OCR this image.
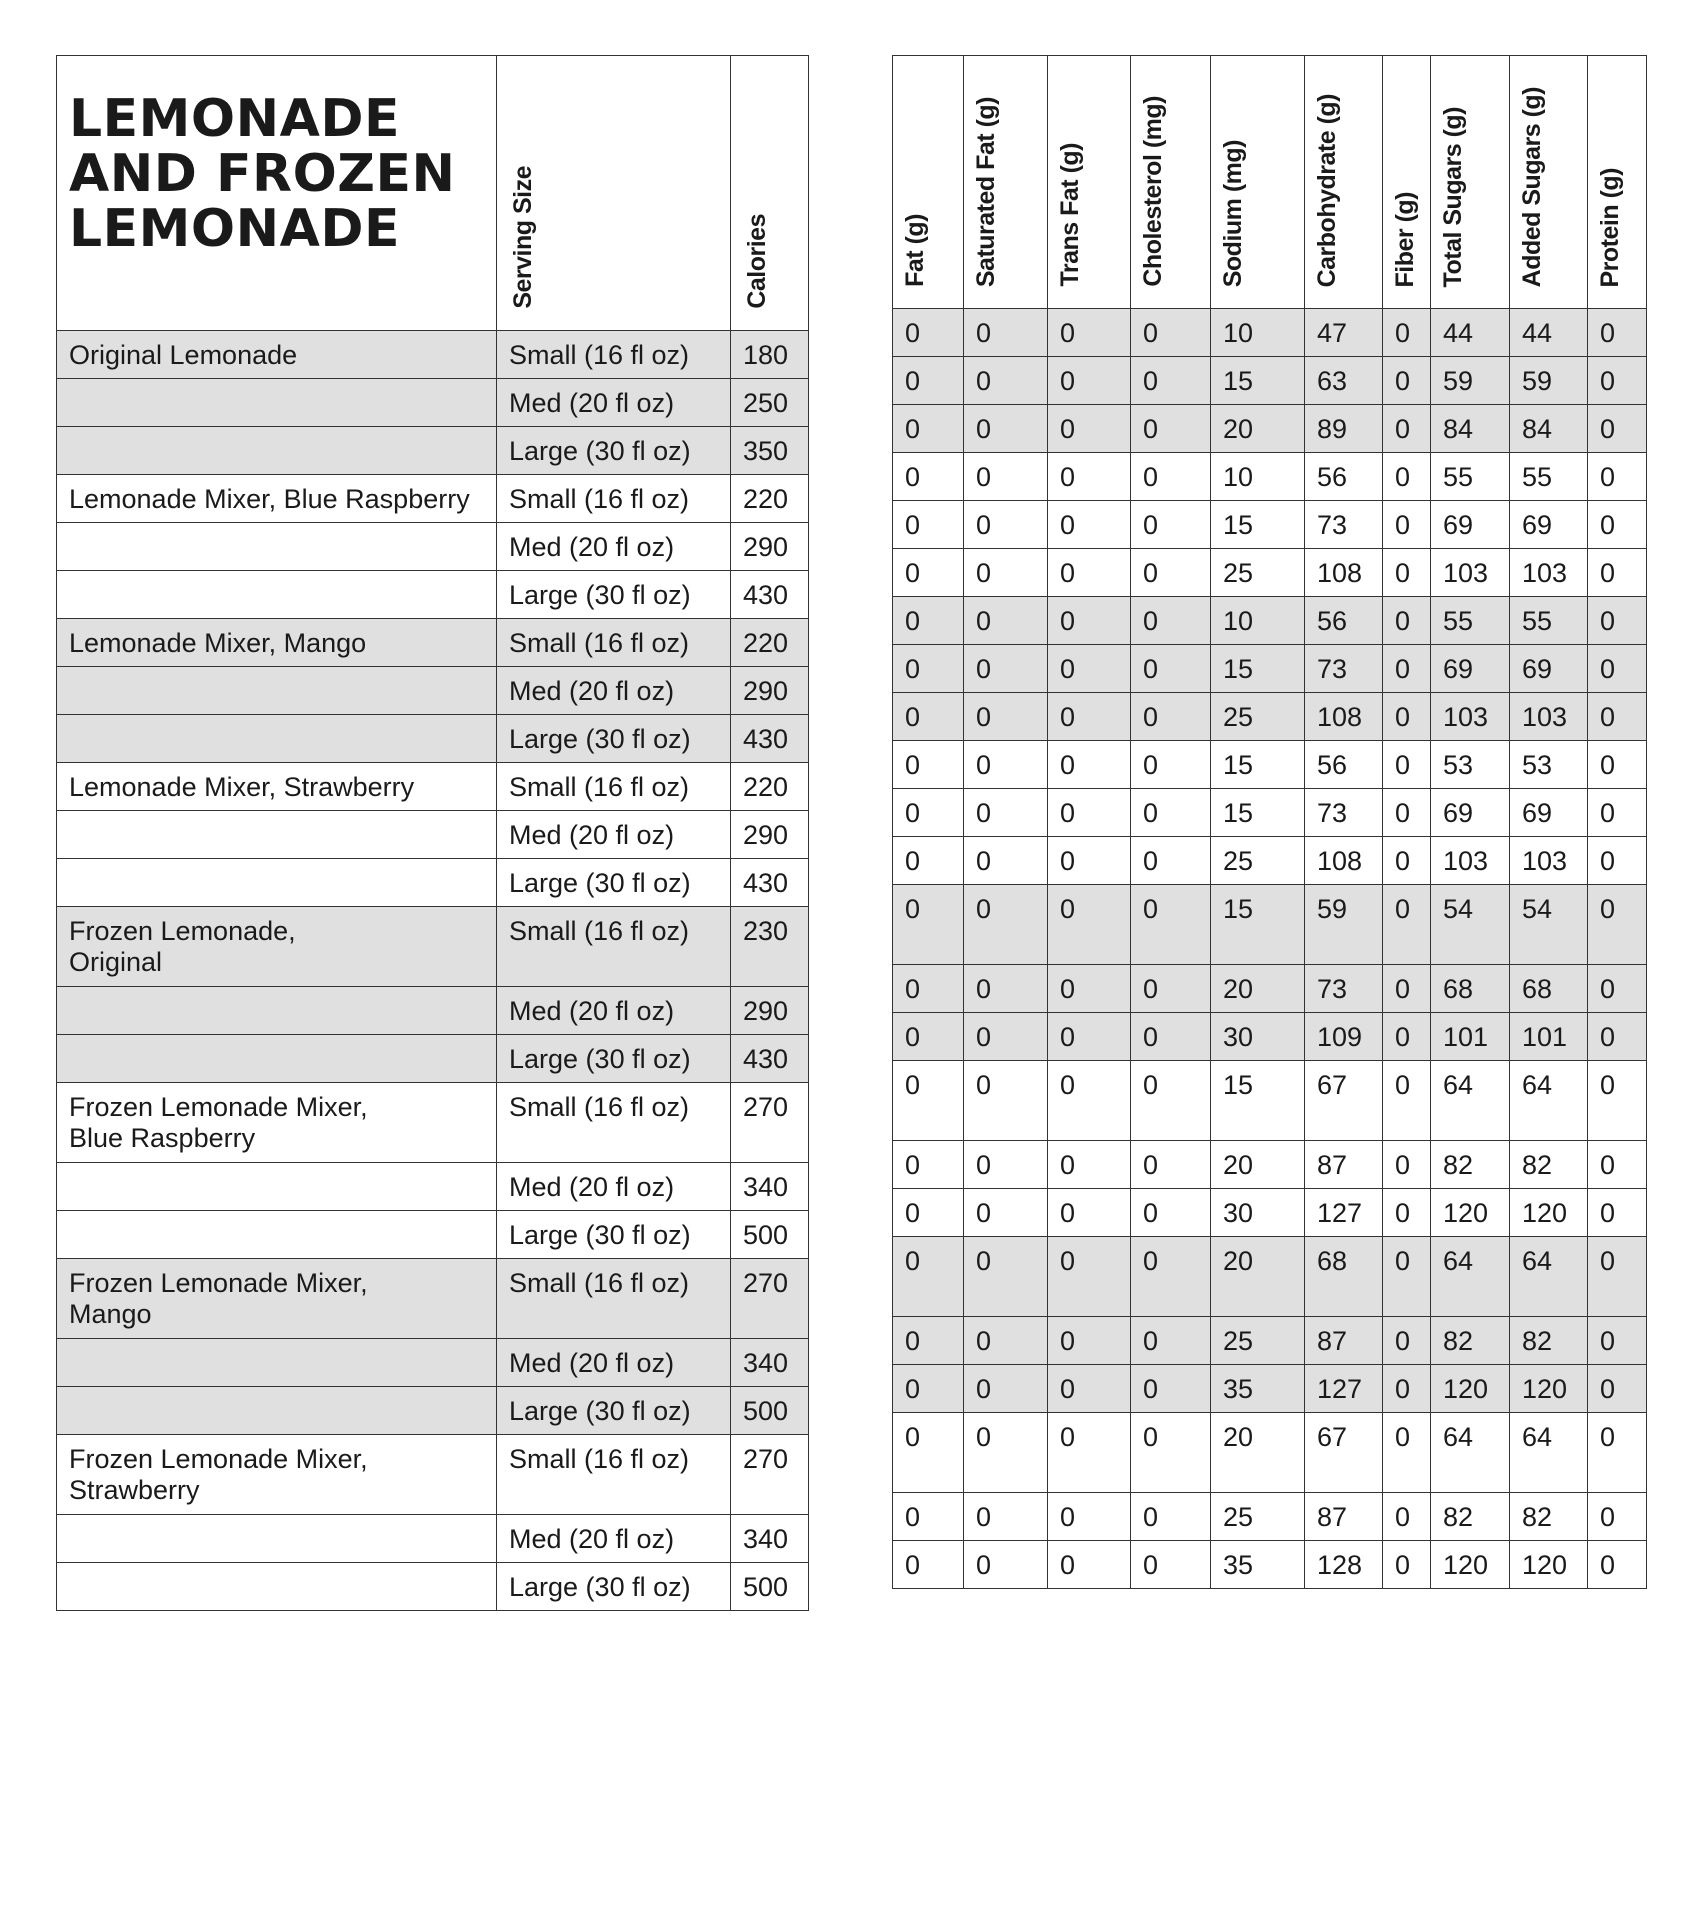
LEMONADE
AND FROZEN
LEMONADE	Serving Size	Calories
Original Lemonade	Small (16 fl oz)	180
	Med (20 fl oz)	250
	Large (30 fl oz)	350
Lemonade Mixer, Blue Raspberry	Small (16 fl oz)	220
	Med (20 fl oz)	290
	Large (30 fl oz)	430
Lemonade Mixer, Mango	Small (16 fl oz)	220
	Med (20 fl oz)	290
	Large (30 fl oz)	430
Lemonade Mixer, Strawberry	Small (16 fl oz)	220
	Med (20 fl oz)	290
	Large (30 fl oz)	430
Frozen Lemonade,
Original	Small (16 fl oz)	230
	Med (20 fl oz)	290
	Large (30 fl oz)	430
Frozen Lemonade Mixer,
Blue Raspberry	Small (16 fl oz)	270
	Med (20 fl oz)	340
	Large (30 fl oz)	500
Frozen Lemonade Mixer,
Mango	Small (16 fl oz)	270
	Med (20 fl oz)	340
	Large (30 fl oz)	500
Frozen Lemonade Mixer,
Strawberry	Small (16 fl oz)	270
	Med (20 fl oz)	340
	Large (30 fl oz)	500
Fat (g)	Saturated Fat (g)	Trans Fat (g)	Cholesterol (mg)	Sodium (mg)	Carbohydrate (g)	Fiber (g)	Total Sugars (g)	Added Sugars (g)	Protein (g)
0	0	0	0	10	47	0	44	44	0
0	0	0	0	15	63	0	59	59	0
0	0	0	0	20	89	0	84	84	0
0	0	0	0	10	56	0	55	55	0
0	0	0	0	15	73	0	69	69	0
0	0	0	0	25	108	0	103	103	0
0	0	0	0	10	56	0	55	55	0
0	0	0	0	15	73	0	69	69	0
0	0	0	0	25	108	0	103	103	0
0	0	0	0	15	56	0	53	53	0
0	0	0	0	15	73	0	69	69	0
0	0	0	0	25	108	0	103	103	0
0	0	0	0	15	59	0	54	54	0
0	0	0	0	20	73	0	68	68	0
0	0	0	0	30	109	0	101	101	0
0	0	0	0	15	67	0	64	64	0
0	0	0	0	20	87	0	82	82	0
0	0	0	0	30	127	0	120	120	0
0	0	0	0	20	68	0	64	64	0
0	0	0	0	25	87	0	82	82	0
0	0	0	0	35	127	0	120	120	0
0	0	0	0	20	67	0	64	64	0
0	0	0	0	25	87	0	82	82	0
0	0	0	0	35	128	0	120	120	0
